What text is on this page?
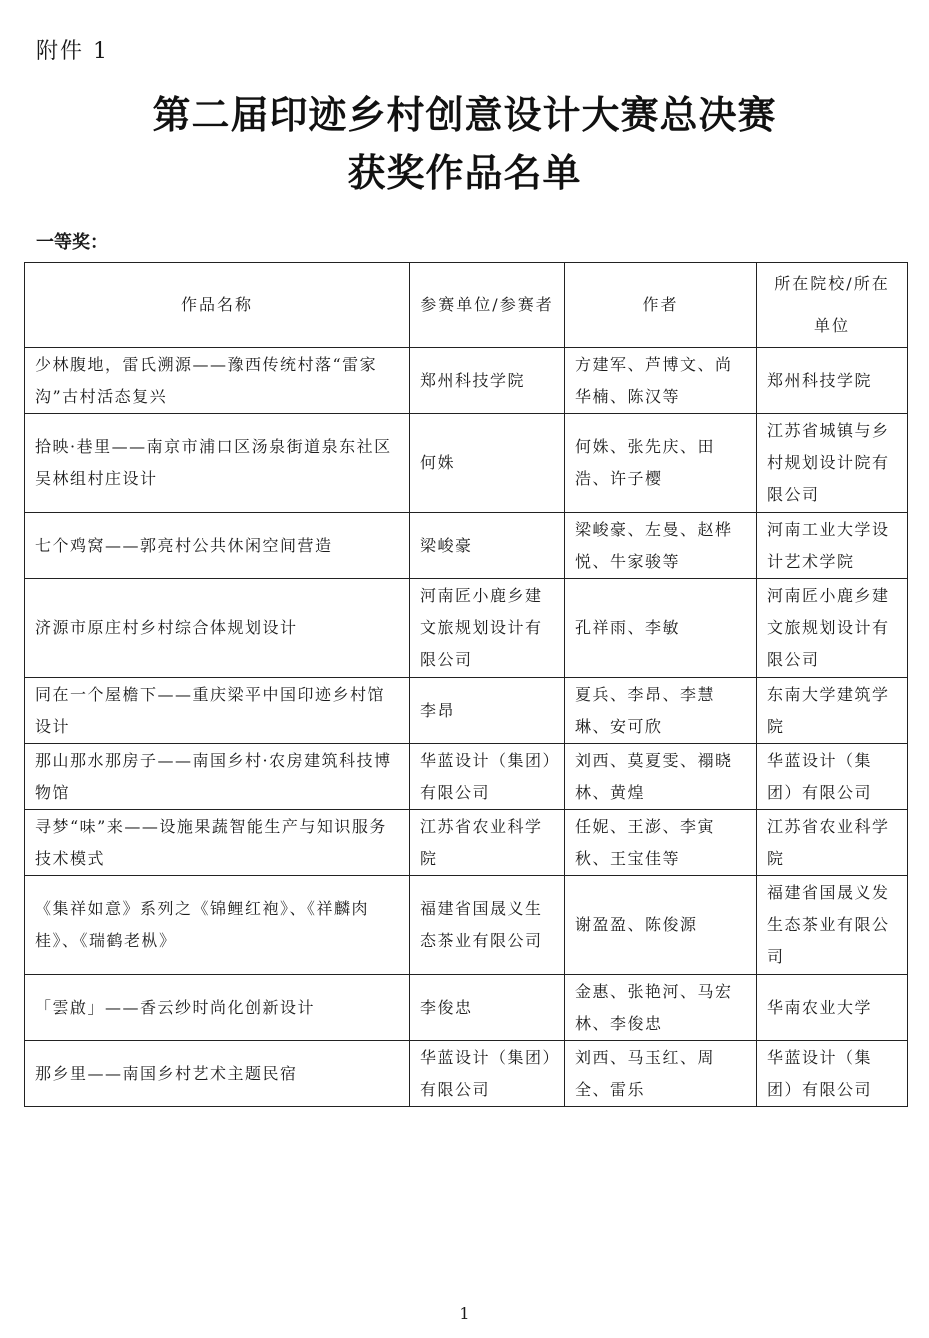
附件 1
第二届印迹乡村创意设计大赛总决赛
获奖作品名单
一等奖：
作品名称	参赛单位/参赛者	作者	所在院校/所在单位
少林腹地，雷氏溯源——豫西传统村落“雷家沟”古村活态复兴	郑州科技学院	方建军、芦博文、尚华楠、陈汉等	郑州科技学院
拾映·巷里——南京市浦口区汤泉街道泉东社区吴林组村庄设计	何姝	何姝、张先庆、田浩、许子樱	江苏省城镇与乡村规划设计院有限公司
七个鸡窝——郭亮村公共休闲空间营造	梁峻豪	梁峻豪、左曼、赵桦悦、牛家骏等	河南工业大学设计艺术学院
济源市原庄村乡村综合体规划设计	河南匠小鹿乡建文旅规划设计有限公司	孔祥雨、李敏	河南匠小鹿乡建文旅规划设计有限公司
同在一个屋檐下——重庆梁平中国印迹乡村馆设计	李昂	夏兵、李昂、李慧琳、安可欣	东南大学建筑学院
那山那水那房子——南国乡村·农房建筑科技博物馆	华蓝设计（集团）有限公司	刘西、莫夏雯、禤晓林、黄煌	华蓝设计（集团）有限公司
寻梦“味”来——设施果蔬智能生产与知识服务技术模式	江苏省农业科学院	任妮、王澎、李寅秋、王宝佳等	江苏省农业科学院
《集祥如意》系列之《锦鲤红袍》、《祥麟肉桂》、《瑞鹤老枞》	福建省国晟义生态茶业有限公司	谢盈盈、陈俊源	福建省国晟义发生态茶业有限公司
「雲啟」——香云纱时尚化创新设计	李俊忠	金惠、张艳河、马宏林、李俊忠	华南农业大学
那乡里——南国乡村艺术主题民宿	华蓝设计（集团）有限公司	刘西、马玉红、周全、雷乐	华蓝设计（集团）有限公司
1
